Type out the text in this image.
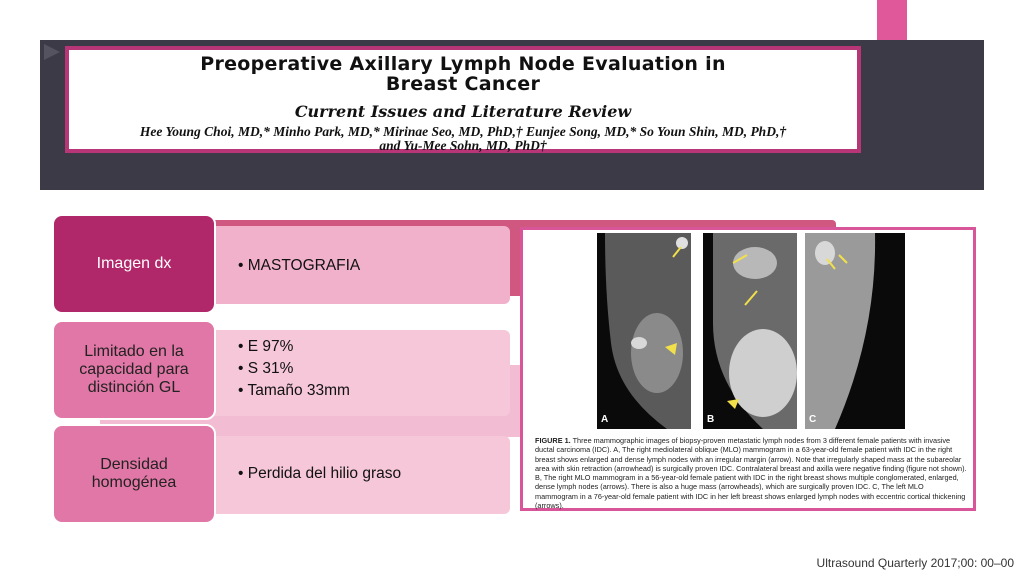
Preoperative Axillary Lymph Node Evaluation in Breast Cancer
Current Issues and Literature Review
Hee Young Choi, MD,* Minho Park, MD,* Mirinae Seo, MD, PhD,† Eunjee Song, MD,* So Youn Shin, MD, PhD,† and Yu-Mee Sohn, MD, PhD†
• MASTOGRAFIA
Imagen dx
• E 97%
• S 31%
• Tamaño 33mm
Limitado en la capacidad para distinción GL
• Perdida del hilio graso
Densidad homogénea
A	B	C
FIGURE 1. Three mammographic images of biopsy-proven metastatic lymph nodes from 3 different female patients with invasive ductal carcinoma (IDC). A, The right mediolateral oblique (MLO) mammogram in a 63-year-old female patient with IDC in the right breast shows enlarged and dense lymph nodes with an irregular margin (arrow). Note that irregularly shaped mass at the subareolar area with skin retraction (arrowhead) is surgically proven IDC. Contralateral breast and axilla were negative finding (figure not shown). B, The right MLO mammogram in a 56-year-old female patient with IDC in the right breast shows multiple conglomerated, enlarged, dense lymph nodes (arrows). There is also a huge mass (arrowheads), which are surgically proven IDC. C, The left MLO mammogram in a 76-year-old female patient with IDC in her left breast shows enlarged lymph nodes with eccentric cortical thickening (arrows).
Ultrasound Quarterly 2017;00: 00–00
